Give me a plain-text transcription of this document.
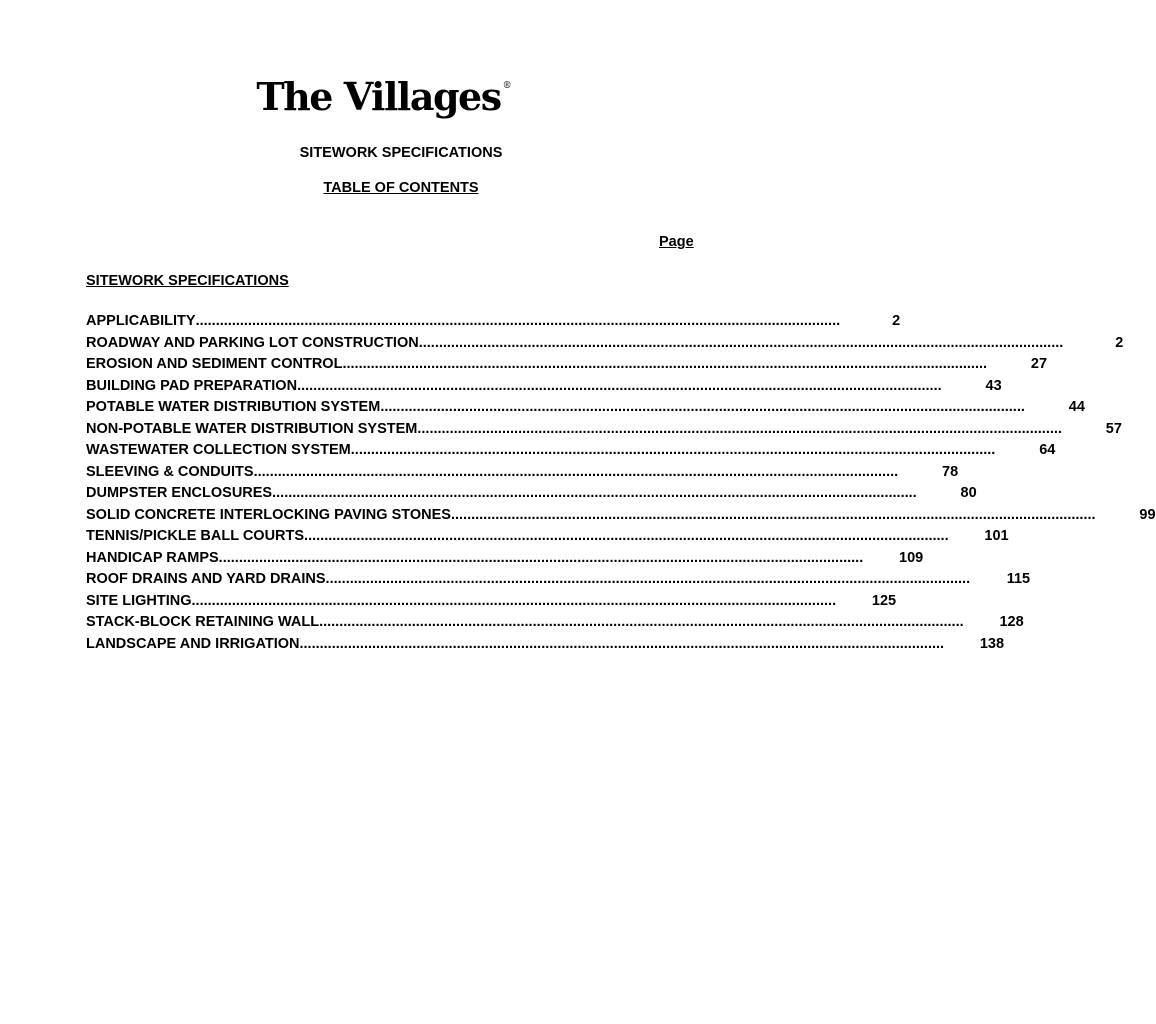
The Villages ®
SITEWORK SPECIFICATIONS
TABLE OF CONTENTS
Page
SITEWORK SPECIFICATIONS
APPLICABILITY ................................................................................................................................................................	2
ROADWAY AND PARKING LOT CONSTRUCTION ................................................................................................................................................................	2
EROSION AND SEDIMENT CONTROL ................................................................................................................................................................	27
BUILDING PAD PREPARATION ................................................................................................................................................................	43
POTABLE WATER DISTRIBUTION SYSTEM ................................................................................................................................................................	44
NON-POTABLE WATER DISTRIBUTION SYSTEM ................................................................................................................................................................	57
WASTEWATER COLLECTION SYSTEM ................................................................................................................................................................	64
SLEEVING & CONDUITS ................................................................................................................................................................	78
DUMPSTER ENCLOSURES ................................................................................................................................................................	80
SOLID CONCRETE INTERLOCKING PAVING STONES ................................................................................................................................................................	99
TENNIS/PICKLE BALL COURTS ................................................................................................................................................................	101
HANDICAP RAMPS ................................................................................................................................................................	109
ROOF DRAINS AND YARD DRAINS ................................................................................................................................................................	115
SITE LIGHTING ................................................................................................................................................................	125
STACK-BLOCK RETAINING WALL ................................................................................................................................................................	128
LANDSCAPE AND IRRIGATION ................................................................................................................................................................	138
